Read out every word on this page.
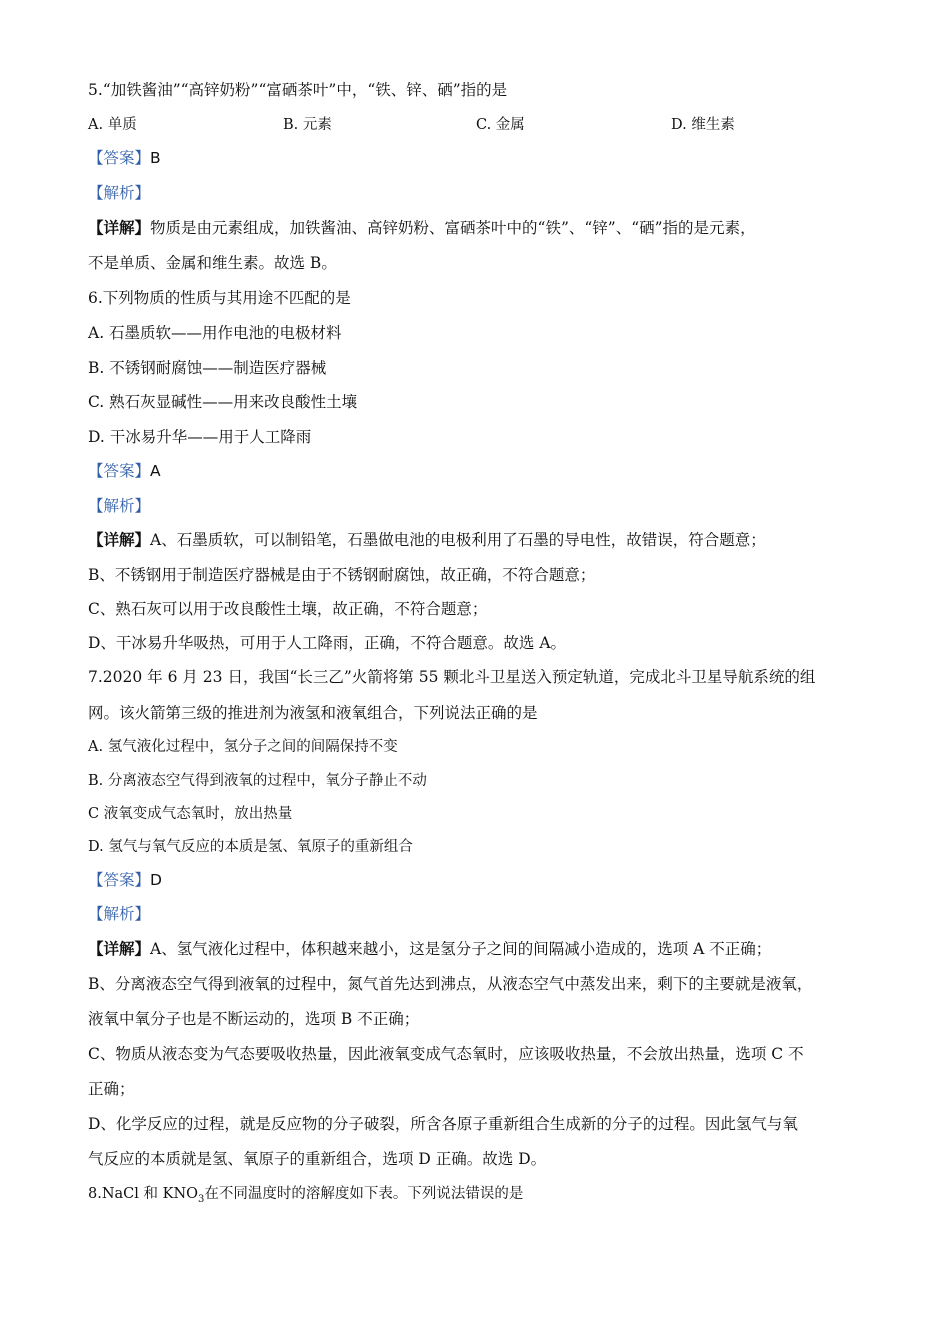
5.“加铁酱油”“高锌奶粉”“富硒茶叶”中，“铁、锌、硒”指的是
A. 单质	B. 元素	C. 金属	D. 维生素
【答案】B
【解析】
【详解】物质是由元素组成，加铁酱油、高锌奶粉、富硒茶叶中的“铁”、“锌”、“硒”指的是元素，
不是单质、金属和维生素。故选 B。
6.下列物质的性质与其用途不匹配的是
A. 石墨质软——用作电池的电极材料
B. 不锈钢耐腐蚀——制造医疗器械
C. 熟石灰显碱性——用来改良酸性土壤
D. 干冰易升华——用于人工降雨
【答案】A
【解析】
【详解】A、石墨质软，可以制铅笔，石墨做电池的电极利用了石墨的导电性，故错误，符合题意；
B、不锈钢用于制造医疗器械是由于不锈钢耐腐蚀，故正确，不符合题意；
C、熟石灰可以用于改良酸性土壤，故正确，不符合题意；
D、干冰易升华吸热，可用于人工降雨，正确，不符合题意。故选 A。
7.2020 年 6 月 23 日，我国“长三乙”火箭将第 55 颗北斗卫星送入预定轨道，完成北斗卫星导航系统的组
网。该火箭第三级的推进剂为液氢和液氧组合，下列说法正确的是
A. 氢气液化过程中，氢分子之间的间隔保持不变
B. 分离液态空气得到液氧的过程中，氧分子静止不动
C 液氧变成气态氧时，放出热量
D. 氢气与氧气反应的本质是氢、氧原子的重新组合
【答案】D
【解析】
【详解】A、氢气液化过程中，体积越来越小，这是氢分子之间的间隔减小造成的，选项 A 不正确；
B、分离液态空气得到液氧的过程中，氮气首先达到沸点，从液态空气中蒸发出来，剩下的主要就是液氧，
液氧中氧分子也是不断运动的，选项 B 不正确；
C、物质从液态变为气态要吸收热量，因此液氧变成气态氧时，应该吸收热量，不会放出热量，选项 C 不
正确；
D、化学反应的过程，就是反应物的分子破裂，所含各原子重新组合生成新的分子的过程。因此氢气与氧
气反应的本质就是氢、氧原子的重新组合，选项 D 正确。故选 D。
8.NaCl 和 $KNO_3$在不同温度时的溶解度如下表。下列说法错误的是
